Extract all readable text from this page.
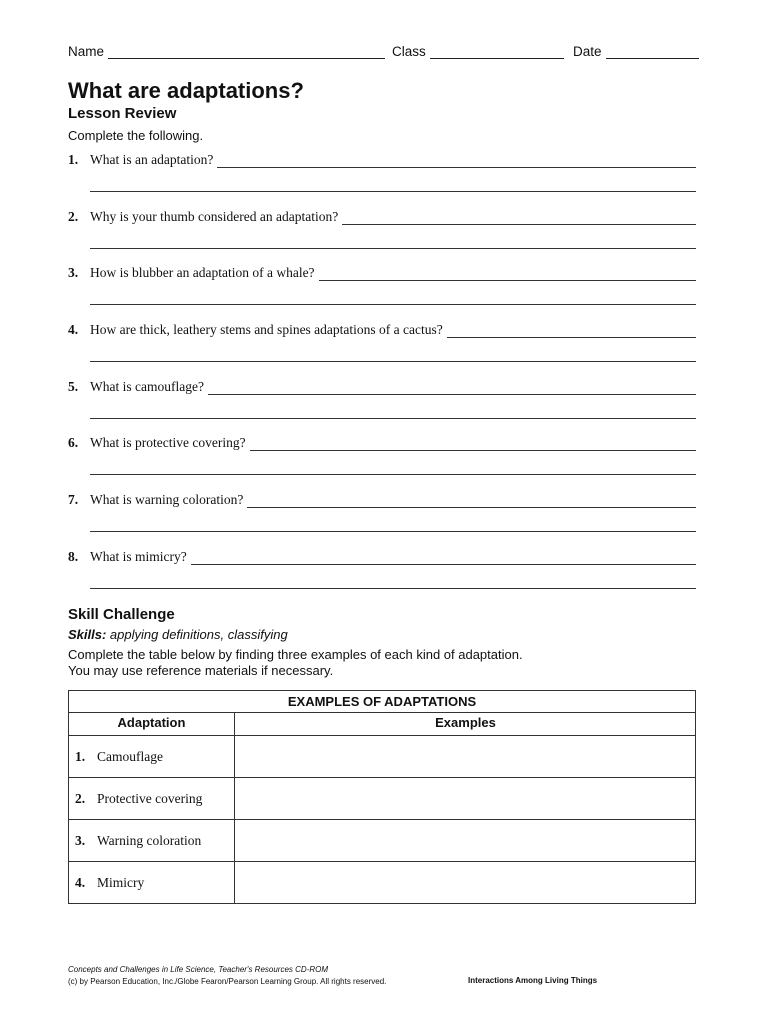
Name	Class	Date
What are adaptations?
Lesson Review
Complete the following.
1. What is an adaptation?
2. Why is your thumb considered an adaptation?
3. How is blubber an adaptation of a whale?
4. How are thick, leathery stems and spines adaptations of a cactus?
5. What is camouflage?
6. What is protective covering?
7. What is warning coloration?
8. What is mimicry?
Skill Challenge
Skills: applying definitions, classifying
Complete the table below by finding three examples of each kind of adaptation.
You may use reference materials if necessary.
EXAMPLES OF ADAPTATIONS
Adaptation	Examples
1. Camouflage
2. Protective covering
3. Warning coloration
4. Mimicry
Concepts and Challenges in Life Science, Teacher's Resources CD-ROM
(c) by Pearson Education, Inc./Globe Fearon/Pearson Learning Group. All rights reserved.	Interactions Among Living Things
